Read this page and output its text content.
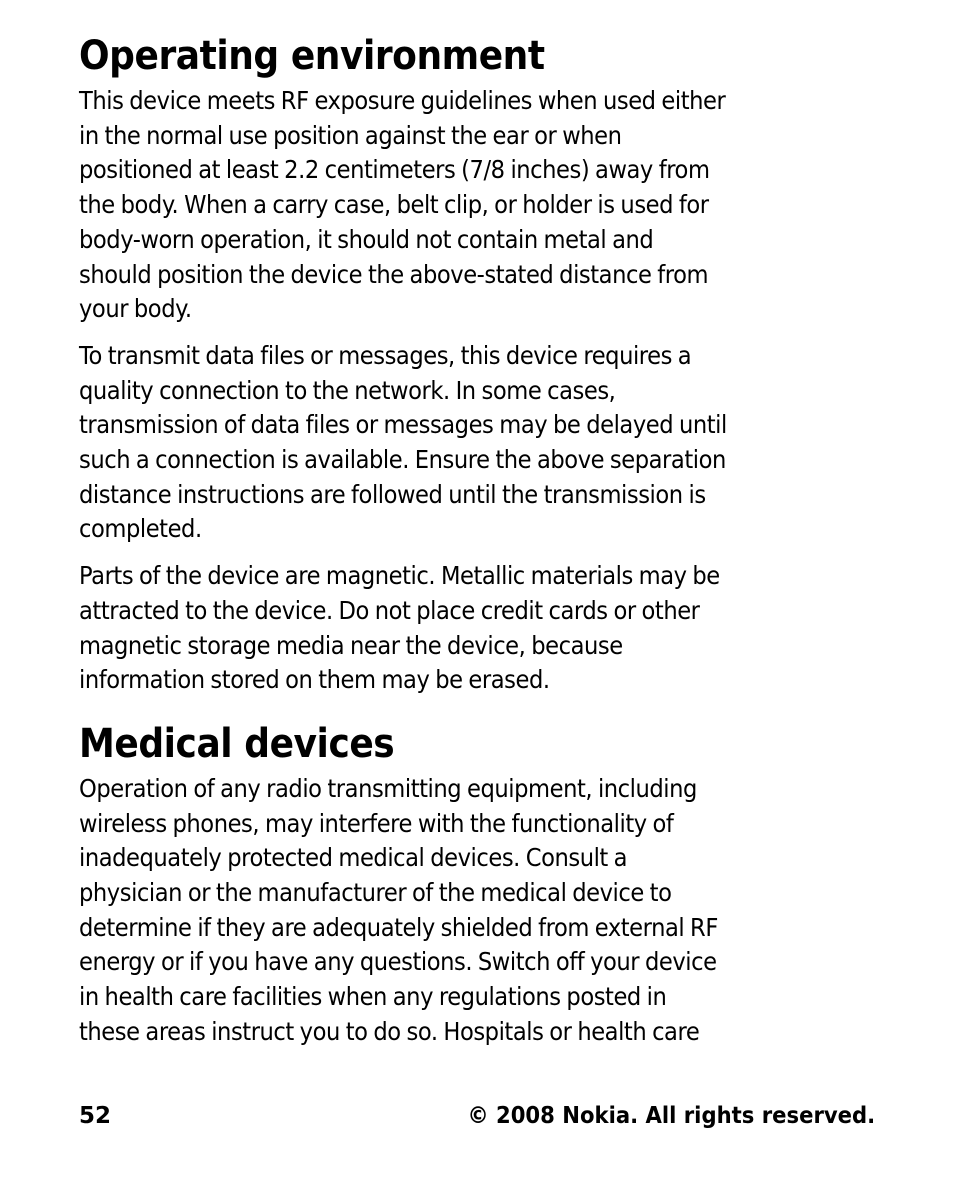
Operating environment

This device meets RF exposure guidelines when used either
in the normal use position against the ear or when
positioned at least 2.2 centimeters (7/8 inches) away from
the body. When a carry case, belt clip, or holder is used for
body-worn operation, it should not contain metal and
should position the device the above-stated distance from
your body.

To transmit data files or messages, this device requires a
quality connection to the network. In some cases,
transmission of data files or messages may be delayed until
such a connection is available. Ensure the above separation
distance instructions are followed until the transmission is
completed.

Parts of the device are magnetic. Metallic materials may be
attracted to the device. Do not place credit cards or other
magnetic storage media near the device, because
information stored on them may be erased.

Medical devices

Operation of any radio transmitting equipment, including
wireless phones, may interfere with the functionality of
inadequately protected medical devices. Consult a
physician or the manufacturer of the medical device to
determine if they are adequately shielded from external RF
energy or if you have any questions. Switch off your device
in health care facilities when any regulations posted in
these areas instruct you to do so. Hospitals or health care

52	© 2008 Nokia. All rights reserved.
